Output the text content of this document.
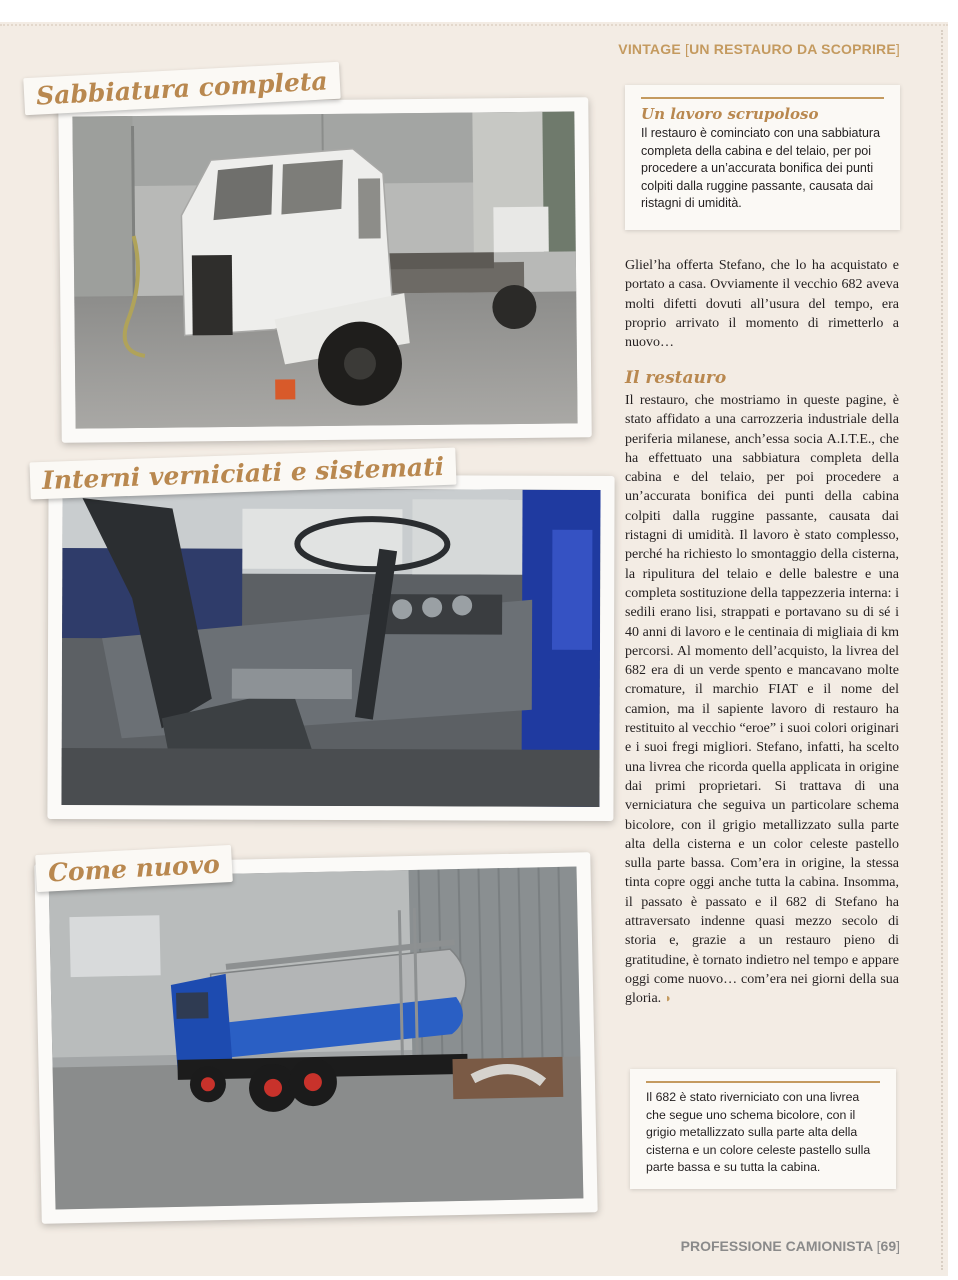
VINTAGE [UN RESTAURO DA SCOPRIRE]
Sabbiatura completa
Interni verniciati e sistemati
Come nuovo
Un lavoro scrupoloso
Il restauro è cominciato con una sabbiatura completa della cabina e del telaio, per poi procedere a un’accurata bonifica dei punti colpiti dalla ruggine passante, causata dai ristagni di umidità.
Gliel’ha offerta Stefano, che lo ha acquistato e portato a casa. Ovviamente il vecchio 682 aveva molti difetti dovuti all’usura del tempo, era proprio arrivato il momento di rimetterlo a nuovo…
Il restauro
Il restauro, che mostriamo in queste pagine, è stato affidato a una carrozzeria industriale della periferia milanese, anch’essa socia A.I.T.E., che ha effettuato una sabbiatura completa della cabina e del telaio, per poi procedere a un’accurata bonifica dei punti della cabina colpiti dalla ruggine passante, causata dai ristagni di umidità. Il lavoro è stato complesso, perché ha richiesto lo smontaggio della cisterna, la ripulitura del telaio e delle balestre e una completa sostituzione della tappezzeria interna: i sedili erano lisi, strappati e portavano su di sé i 40 anni di lavoro e le centinaia di migliaia di km percorsi. Al momento dell’acquisto, la livrea del 682 era di un verde spento e mancavano molte cromature, il marchio FIAT e il nome del camion, ma il sapiente lavoro di restauro ha restituito al vecchio “eroe” i suoi colori originari e i suoi fregi migliori. Stefano, infatti, ha scelto una livrea che ricorda quella applicata in origine dai primi proprietari. Si trattava di una verniciatura che seguiva un particolare schema bicolore, con il grigio metallizzato sulla parte alta della cisterna e un color celeste pastello sulla parte bassa. Com’era in origine, la stessa tinta copre oggi anche tutta la cabina. Insomma, il passato è passato e il 682 di Stefano ha attraversato indenne quasi mezzo secolo di storia e, grazie a un restauro pieno di gratitudine, è tornato indietro nel tempo e appare oggi come nuovo… com’era nei giorni della sua gloria. ◗
Il 682 è stato riverniciato con una livrea che segue uno schema bicolore, con il grigio metallizzato sulla parte alta della cisterna e un colore celeste pastello sulla parte bassa e su tutta la cabina.
PROFESSIONE CAMIONISTA [69]
